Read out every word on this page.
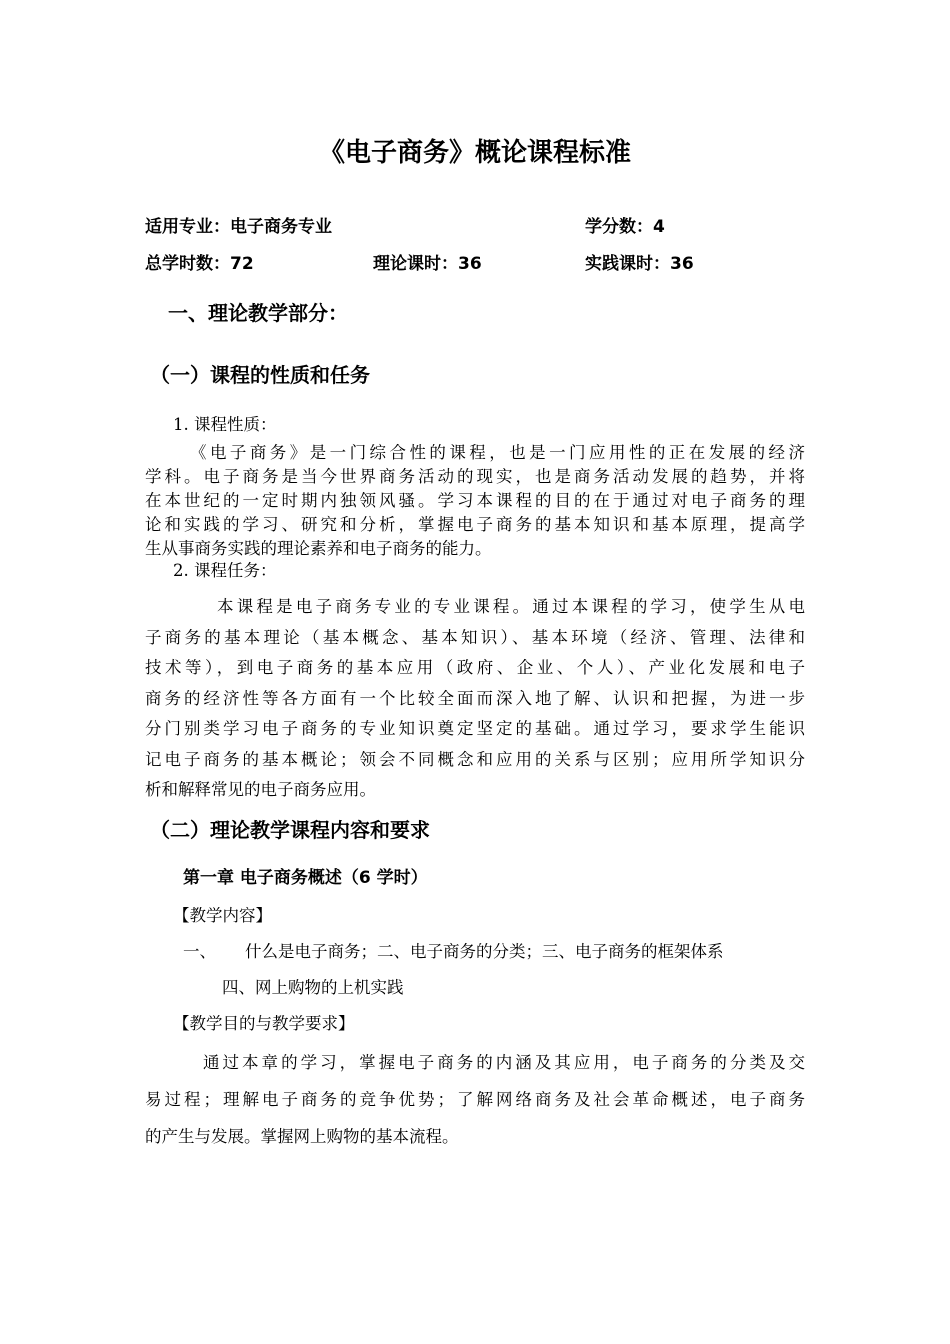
《电子商务》概论课程标准
适用专业：电子商务专业	学分数：4
总学时数：72	理论课时：36	实践课时：36
一、理论教学部分：
（一）课程的性质和任务
1. 课程性质：
《电子商务》是一门综合性的课程，也是一门应用性的正在发展的经济
学科。电子商务是当今世界商务活动的现实，也是商务活动发展的趋势，并将
在本世纪的一定时期内独领风骚。学习本课程的目的在于通过对电子商务的理
论和实践的学习、研究和分析，掌握电子商务的基本知识和基本原理，提高学
生从事商务实践的理论素养和电子商务的能力。
2. 课程任务：
本课程是电子商务专业的专业课程。通过本课程的学习，使学生从电
子商务的基本理论（基本概念、基本知识）、基本环境（经济、管理、法律和
技术等），到电子商务的基本应用（政府、企业、个人）、产业化发展和电子
商务的经济性等各方面有一个比较全面而深入地了解、认识和把握，为进一步
分门别类学习电子商务的专业知识奠定坚定的基础。通过学习，要求学生能识
记电子商务的基本概论；领会不同概念和应用的关系与区别；应用所学知识分
析和解释常见的电子商务应用。
（二）理论教学课程内容和要求
第一章 电子商务概述（6 学时）
【教学内容】
一、 什么是电子商务；二、电子商务的分类；三、电子商务的框架体系
四、网上购物的上机实践
【教学目的与教学要求】
通过本章的学习，掌握电子商务的内涵及其应用，电子商务的分类及交
易过程；理解电子商务的竞争优势；了解网络商务及社会革命概述，电子商务
的产生与发展。掌握网上购物的基本流程。
